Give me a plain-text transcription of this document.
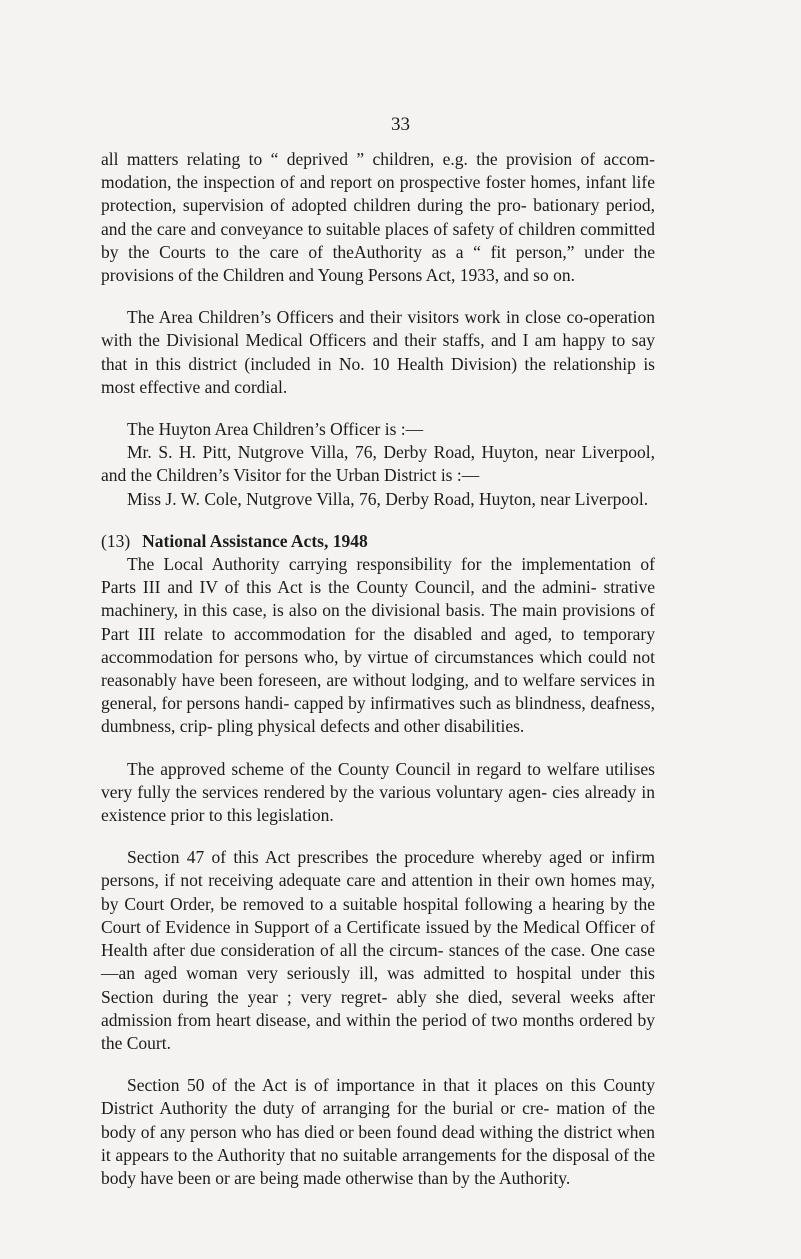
33

all matters relating to “ deprived ” children, e.g. the provision of accom- modation, the inspection of and report on prospective foster homes, infant life protection, supervision of adopted children during the pro- bationary period, and the care and conveyance to suitable places of safety of children committed by the Courts to the care of theAuthority as a “ fit person,” under the provisions of the Children and Young Persons Act, 1933, and so on.

The Area Children’s Officers and their visitors work in close co-operation with the Divisional Medical Officers and their staffs, and I am happy to say that in this district (included in No. 10 Health Division) the relationship is most effective and cordial.

The Huyton Area Children’s Officer is :—

Mr. S. H. Pitt, Nutgrove Villa, 76, Derby Road, Huyton, near Liverpool, and the Children’s Visitor for the Urban District is :—

Miss J. W. Cole, Nutgrove Villa, 76, Derby Road, Huyton, near Liverpool.

(13) National Assistance Acts, 1948

The Local Authority carrying responsibility for the implementation of Parts III and IV of this Act is the County Council, and the admini- strative machinery, in this case, is also on the divisional basis. The main provisions of Part III relate to accommodation for the disabled and aged, to temporary accommodation for persons who, by virtue of circumstances which could not reasonably have been foreseen, are without lodging, and to welfare services in general, for persons handi- capped by infirmatives such as blindness, deafness, dumbness, crip- pling physical defects and other disabilities.

The approved scheme of the County Council in regard to welfare utilises very fully the services rendered by the various voluntary agen- cies already in existence prior to this legislation.

Section 47 of this Act prescribes the procedure whereby aged or infirm persons, if not receiving adequate care and attention in their own homes may, by Court Order, be removed to a suitable hospital following a hearing by the Court of Evidence in Support of a Certificate issued by the Medical Officer of Health after due consideration of all the circum- stances of the case. One case—an aged woman very seriously ill, was admitted to hospital under this Section during the year ; very regret- ably she died, several weeks after admission from heart disease, and within the period of two months ordered by the Court.

Section 50 of the Act is of importance in that it places on this County District Authority the duty of arranging for the burial or cre- mation of the body of any person who has died or been found dead withing the district when it appears to the Authority that no suitable arrangements for the disposal of the body have been or are being made otherwise than by the Authority.
